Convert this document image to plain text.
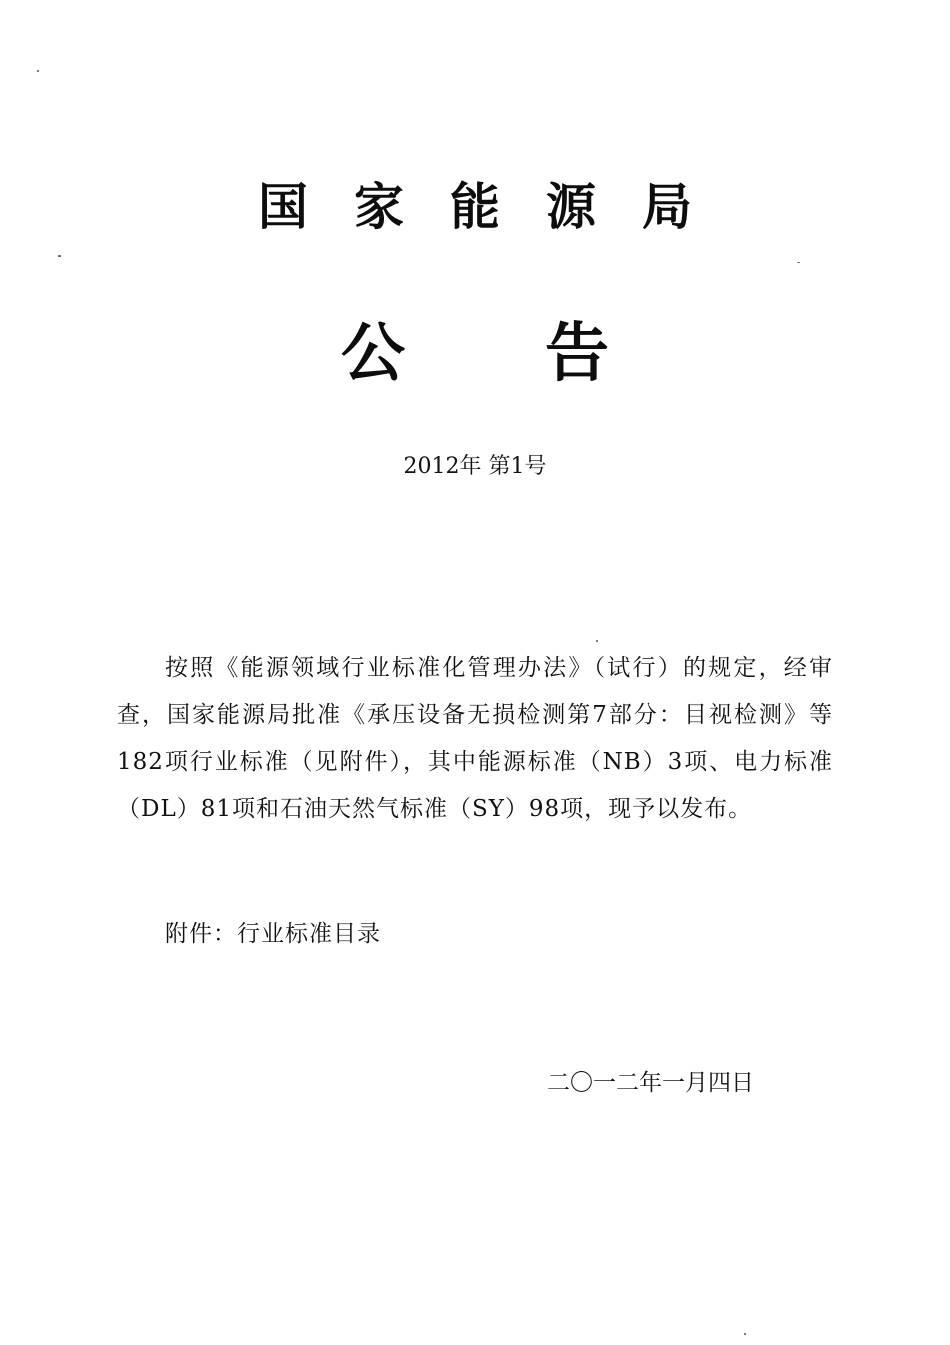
国家能源局
公告
2012年 第1号
按照《能源领域行业标准化管理办法》（试行）的规定，经审查，国家能源局批准《承压设备无损检测第7部分：目视检测》等182项行业标准（见附件），其中能源标准（NB）3项、电力标准（DL）81项和石油天然气标准（SY）98项，现予以发布。
附件：行业标准目录
二〇一二年一月四日
